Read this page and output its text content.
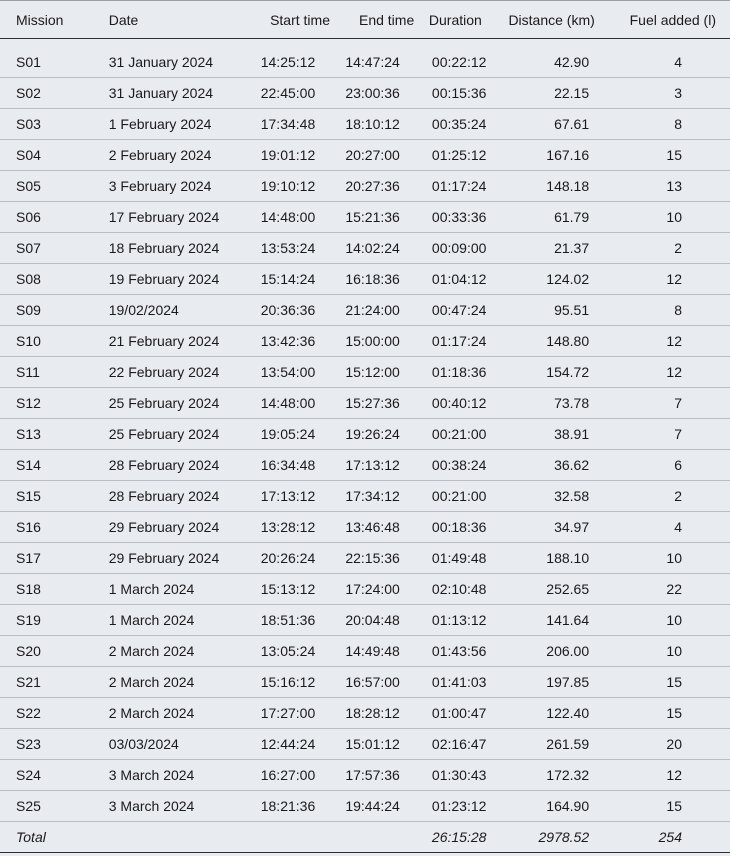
Mission	Date	Start time	End time	Duration	Distance (km)	Fuel added (l)
S01	31 January 2024	14:25:12	14:47:24	00:22:12	42.90	4
S02	31 January 2024	22:45:00	23:00:36	00:15:36	22.15	3
S03	1 February 2024	17:34:48	18:10:12	00:35:24	67.61	8
S04	2 February 2024	19:01:12	20:27:00	01:25:12	167.16	15
S05	3 February 2024	19:10:12	20:27:36	01:17:24	148.18	13
S06	17 February 2024	14:48:00	15:21:36	00:33:36	61.79	10
S07	18 February 2024	13:53:24	14:02:24	00:09:00	21.37	2
S08	19 February 2024	15:14:24	16:18:36	01:04:12	124.02	12
S09	19/02/2024	20:36:36	21:24:00	00:47:24	95.51	8
S10	21 February 2024	13:42:36	15:00:00	01:17:24	148.80	12
S11	22 February 2024	13:54:00	15:12:00	01:18:36	154.72	12
S12	25 February 2024	14:48:00	15:27:36	00:40:12	73.78	7
S13	25 February 2024	19:05:24	19:26:24	00:21:00	38.91	7
S14	28 February 2024	16:34:48	17:13:12	00:38:24	36.62	6
S15	28 February 2024	17:13:12	17:34:12	00:21:00	32.58	2
S16	29 February 2024	13:28:12	13:46:48	00:18:36	34.97	4
S17	29 February 2024	20:26:24	22:15:36	01:49:48	188.10	10
S18	1 March 2024	15:13:12	17:24:00	02:10:48	252.65	22
S19	1 March 2024	18:51:36	20:04:48	01:13:12	141.64	10
S20	2 March 2024	13:05:24	14:49:48	01:43:56	206.00	10
S21	2 March 2024	15:16:12	16:57:00	01:41:03	197.85	15
S22	2 March 2024	17:27:00	18:28:12	01:00:47	122.40	15
S23	03/03/2024	12:44:24	15:01:12	02:16:47	261.59	20
S24	3 March 2024	16:27:00	17:57:36	01:30:43	172.32	12
S25	3 March 2024	18:21:36	19:44:24	01:23:12	164.90	15
Total				26:15:28	2978.52	254
